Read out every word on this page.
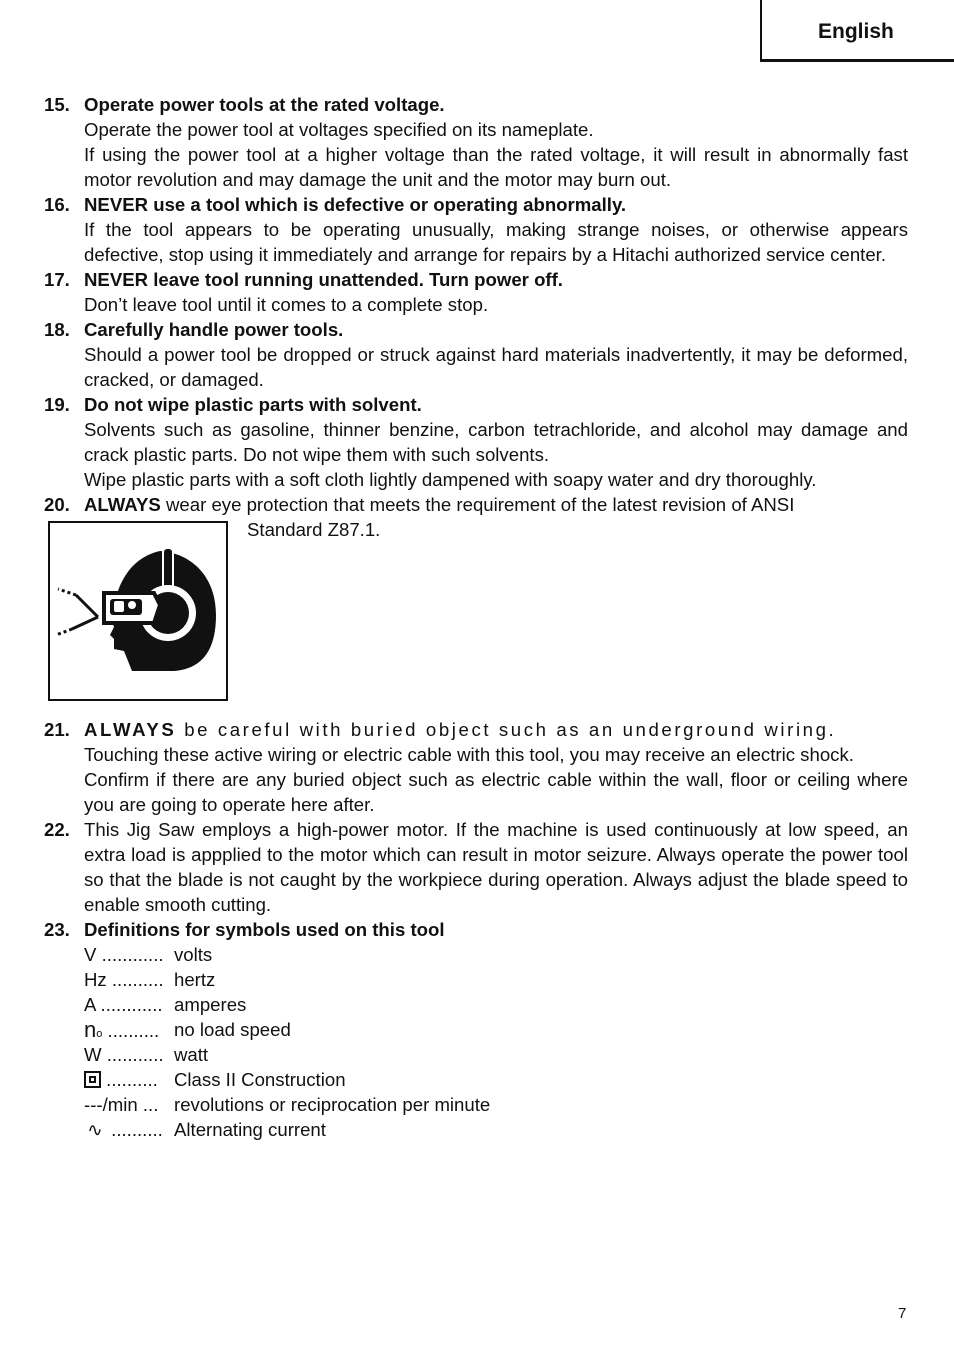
English
15. Operate power tools at the rated voltage.
Operate the power tool at voltages specified on its nameplate.
If using the power tool at a higher voltage than the rated voltage, it will result in abnormally fast motor revolution and may damage the unit and the motor may burn out.
16. NEVER use a tool which is defective or operating abnormally.
If the tool appears to be operating unusually, making strange noises, or otherwise appears defective, stop using it immediately and arrange for repairs by a Hitachi authorized service center.
17. NEVER leave tool running unattended. Turn power off.
Don’t leave tool until it comes to a complete stop.
18. Carefully handle power tools.
Should a power tool be dropped or struck against hard materials inadvertently, it may be deformed, cracked, or damaged.
19. Do not wipe plastic parts with solvent.
Solvents such as gasoline, thinner benzine, carbon tetrachloride, and alcohol may damage and crack plastic parts. Do not wipe them with such solvents.
Wipe plastic parts with a soft cloth lightly dampened with soapy water and dry thoroughly.
20. ALWAYS wear eye protection that meets the requirement of the latest revision of ANSI
Standard Z87.1.
21. ALWAYS be careful with buried object such as an underground wiring.
Touching these active wiring or electric cable with this tool, you may receive an electric shock.
Confirm if there are any buried object such as electric cable within the wall, floor or ceiling where you are going to operate here after.
22. This Jig Saw employs a high-power motor. If the machine is used continuously at low speed, an extra load is appplied to the motor which can result in motor seizure. Always operate the power tool so that the blade is not caught by the workpiece during operation. Always adjust the blade speed to enable smooth cutting.
23. Definitions for symbols used on this tool
V ............ volts
Hz .......... hertz
A ............ amperes
no .......... no load speed
W ........... watt
.......... Class II Construction
---/min ... revolutions or reciprocation per minute
∿ .......... Alternating current
7
